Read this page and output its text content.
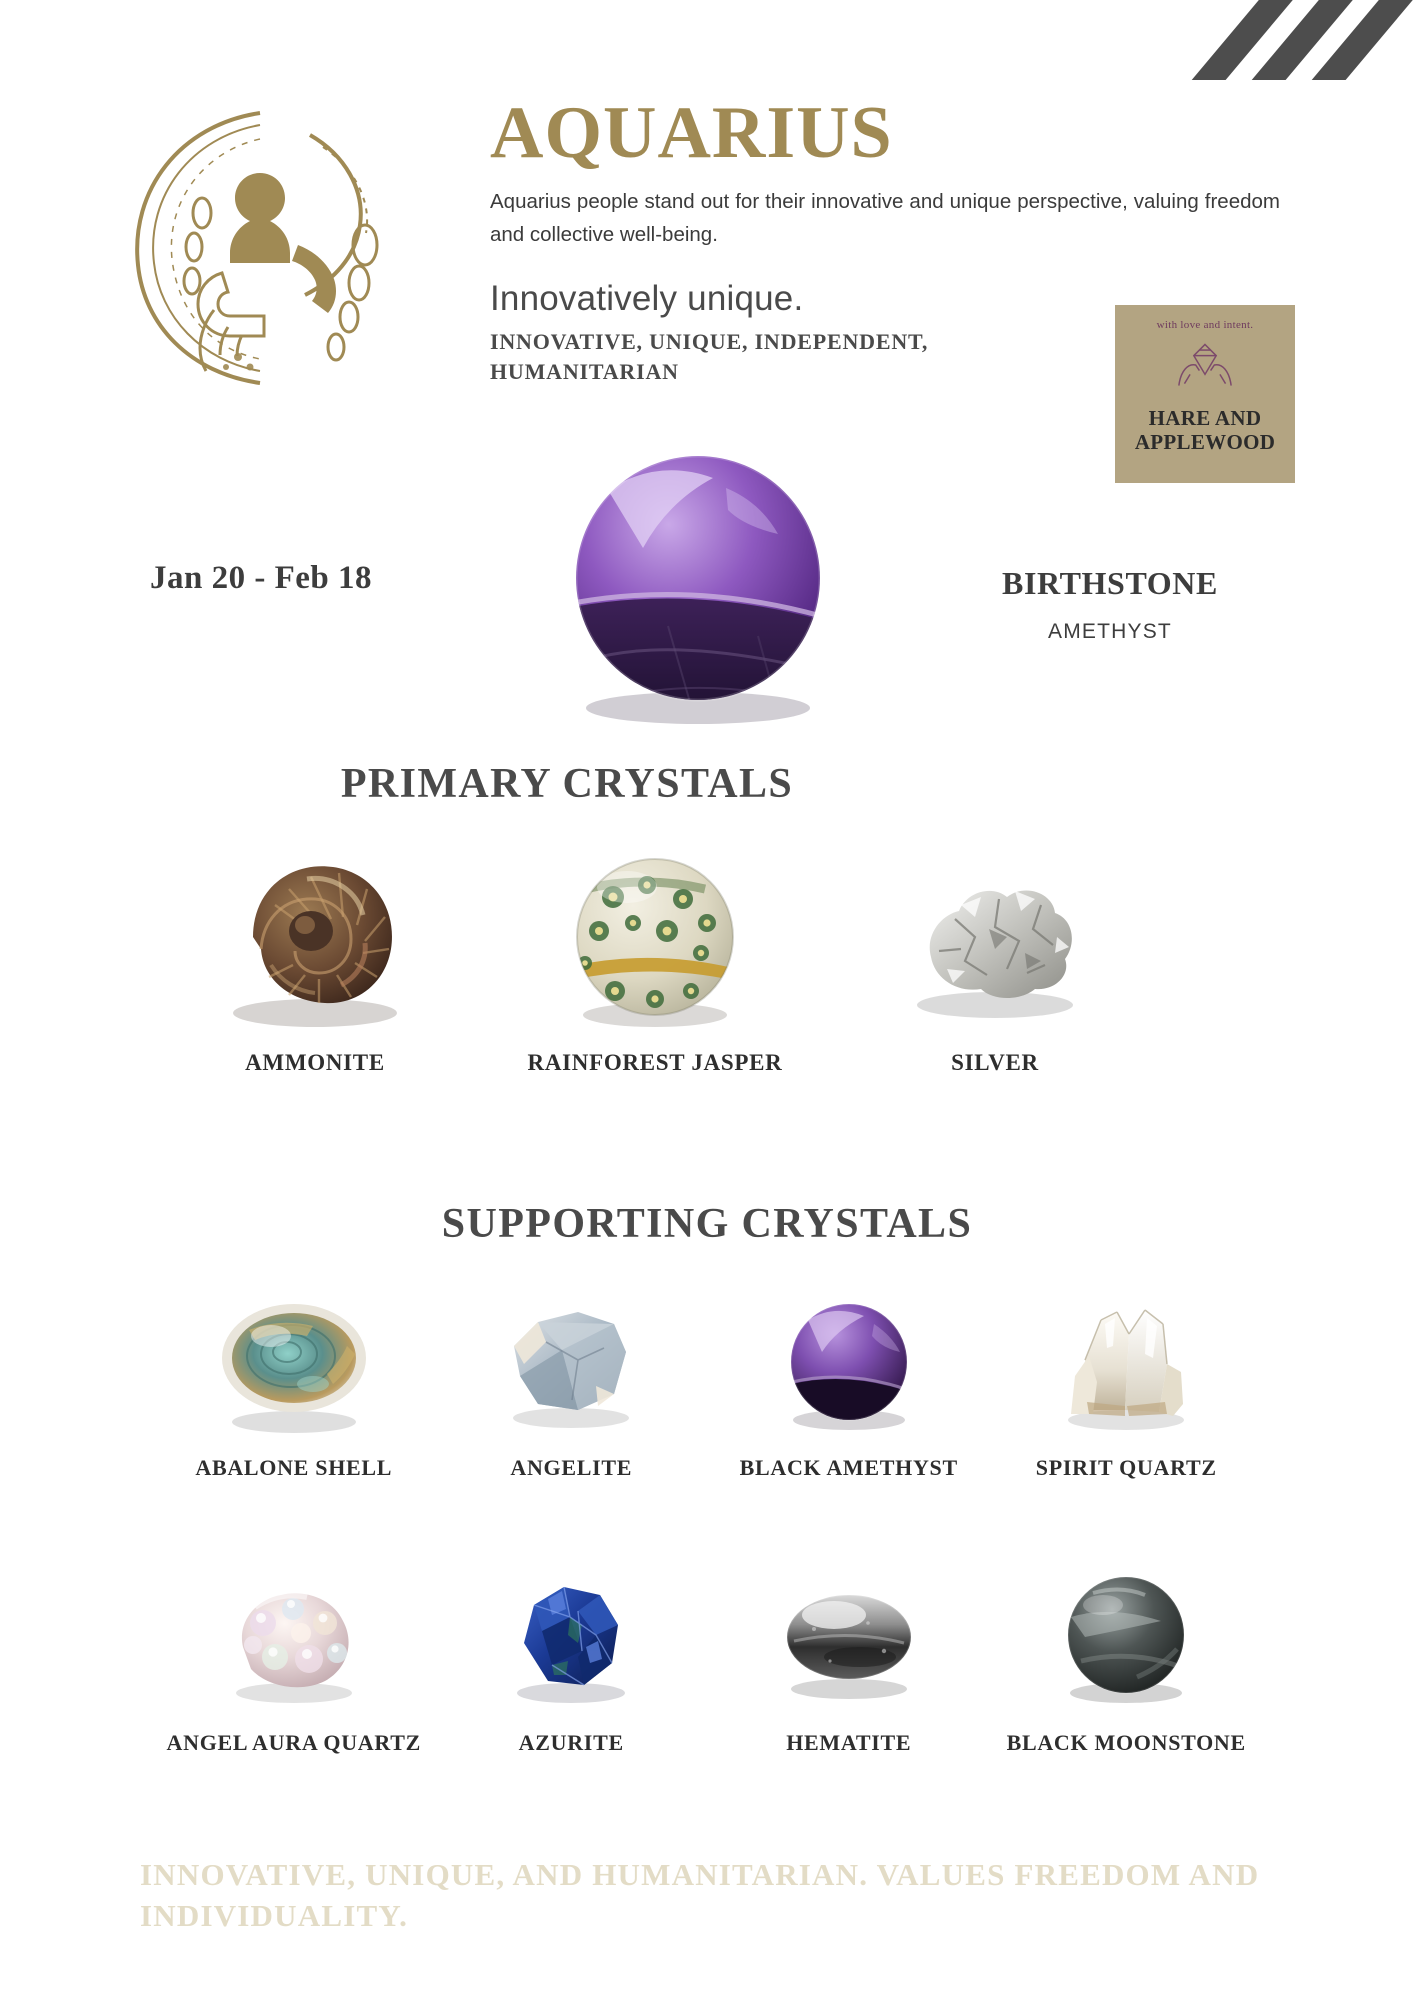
AQUARIUS
Aquarius people stand out for their innovative and unique perspective, valuing freedom and collective well-being.
Innovatively unique.
INNOVATIVE, UNIQUE, INDEPENDENT, HUMANITARIAN
with love and intent.
HARE AND APPLEWOOD
Jan 20 - Feb 18	BIRTHSTONE
AMETHYST
PRIMARY CRYSTALS
AMMONITE	RAINFOREST JASPER	SILVER
SUPPORTING CRYSTALS
ABALONE SHELL	ANGELITE	BLACK AMETHYST	SPIRIT QUARTZ
ANGEL AURA QUARTZ	AZURITE	HEMATITE	BLACK MOONSTONE
INNOVATIVE, UNIQUE, AND HUMANITARIAN. VALUES FREEDOM AND INDIVIDUALITY.
